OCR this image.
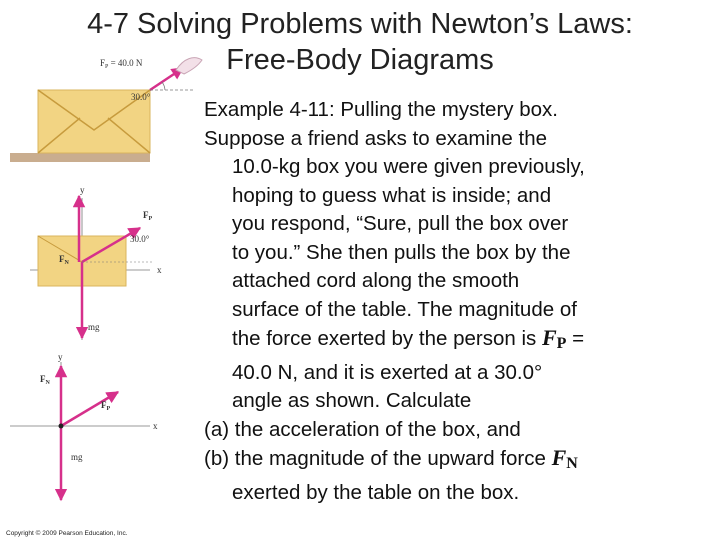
4-7 Solving Problems with Newton’s Laws:
Free-Body Diagrams
$F_P = 40.0$ N
30.0°
y
x
$F_P$
30.0°
$F_N$
mg
y
x
$F_N$
$F_P$
mg
Example 4-11: Pulling the mystery box.
Suppose a friend asks to examine the
10.0-kg box you were given previously,
hoping to guess what is inside; and
you respond, “Sure, pull the box over
to you.” She then pulls the box by the
attached cord along the smooth
surface of the table. The magnitude of
the force exerted by the person is FP =
40.0 N, and it is exerted at a 30.0°
angle as shown. Calculate
(a) the acceleration of the box, and
(b) the magnitude of the upward force FN
exerted by the table on the box.
Copyright © 2009 Pearson Education, Inc.
